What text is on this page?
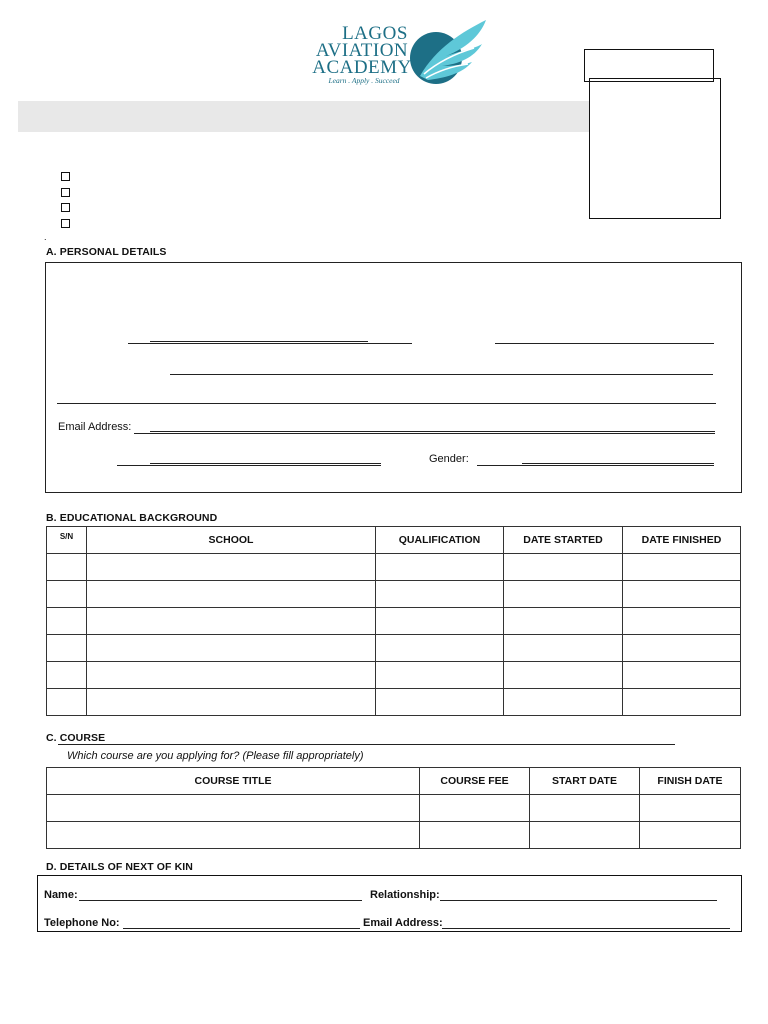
LAGOS
AVIATION
ACADEMY
Learn . Apply . Succeed
.
A. PERSONAL DETAILS
Email Address:
Gender:
B. EDUCATIONAL BACKGROUND
S/N	SCHOOL	QUALIFICATION	DATE STARTED	DATE FINISHED

C. COURSE
Which course are you applying for? (Please fill appropriately)
COURSE TITLE	COURSE FEE	START DATE	FINISH DATE

D. DETAILS OF NEXT OF KIN
Name:	Relationship:
Telephone No:	Email Address:
